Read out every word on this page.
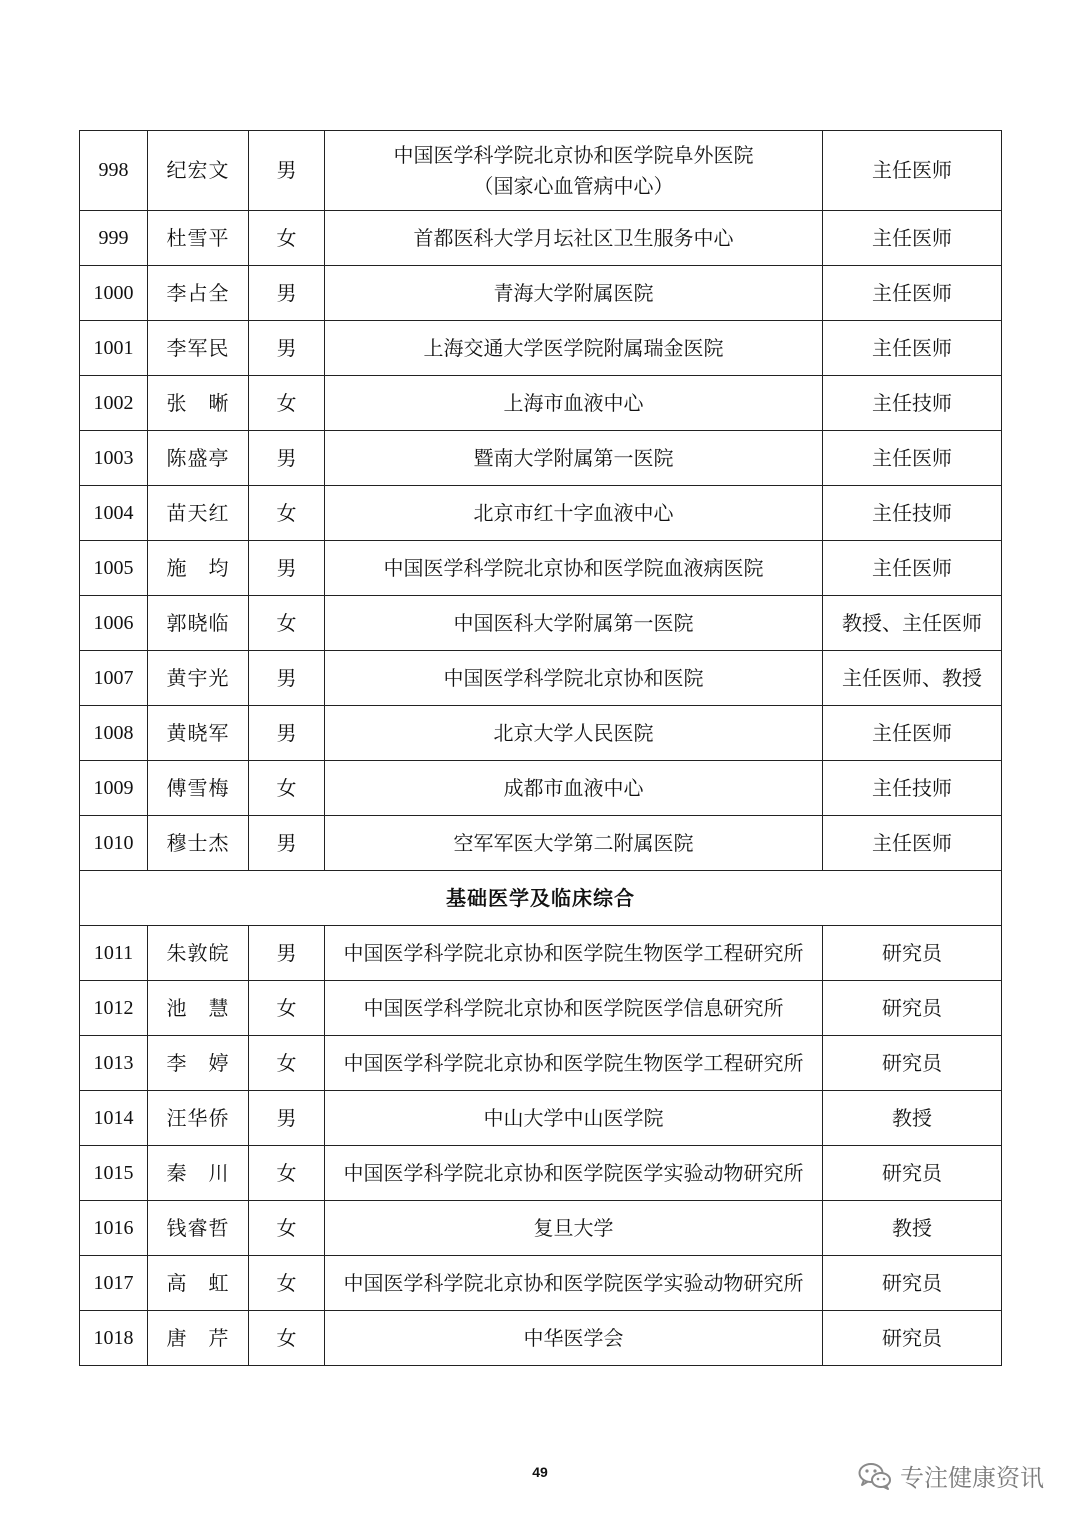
998	纪宏文	男	中国医学科学院北京协和医学院阜外医院
（国家心血管病中心）	主任医师
999	杜雪平	女	首都医科大学月坛社区卫生服务中心	主任医师
1000	李占全	男	青海大学附属医院	主任医师
1001	李军民	男	上海交通大学医学院附属瑞金医院	主任医师
1002	张　晰	女	上海市血液中心	主任技师
1003	陈盛亭	男	暨南大学附属第一医院	主任医师
1004	苗天红	女	北京市红十字血液中心	主任技师
1005	施　均	男	中国医学科学院北京协和医学院血液病医院	主任医师
1006	郭晓临	女	中国医科大学附属第一医院	教授、主任医师
1007	黄宇光	男	中国医学科学院北京协和医院	主任医师、教授
1008	黄晓军	男	北京大学人民医院	主任医师
1009	傅雪梅	女	成都市血液中心	主任技师
1010	穆士杰	男	空军军医大学第二附属医院	主任医师
基础医学及临床综合				
1011	朱敦皖	男	中国医学科学院北京协和医学院生物医学工程研究所	研究员
1012	池　慧	女	中国医学科学院北京协和医学院医学信息研究所	研究员
1013	李　婷	女	中国医学科学院北京协和医学院生物医学工程研究所	研究员
1014	汪华侨	男	中山大学中山医学院	教授
1015	秦　川	女	中国医学科学院北京协和医学院医学实验动物研究所	研究员
1016	钱睿哲	女	复旦大学	教授
1017	高　虹	女	中国医学科学院北京协和医学院医学实验动物研究所	研究员
1018	唐　芹	女	中华医学会	研究员
49	专注健康资讯
